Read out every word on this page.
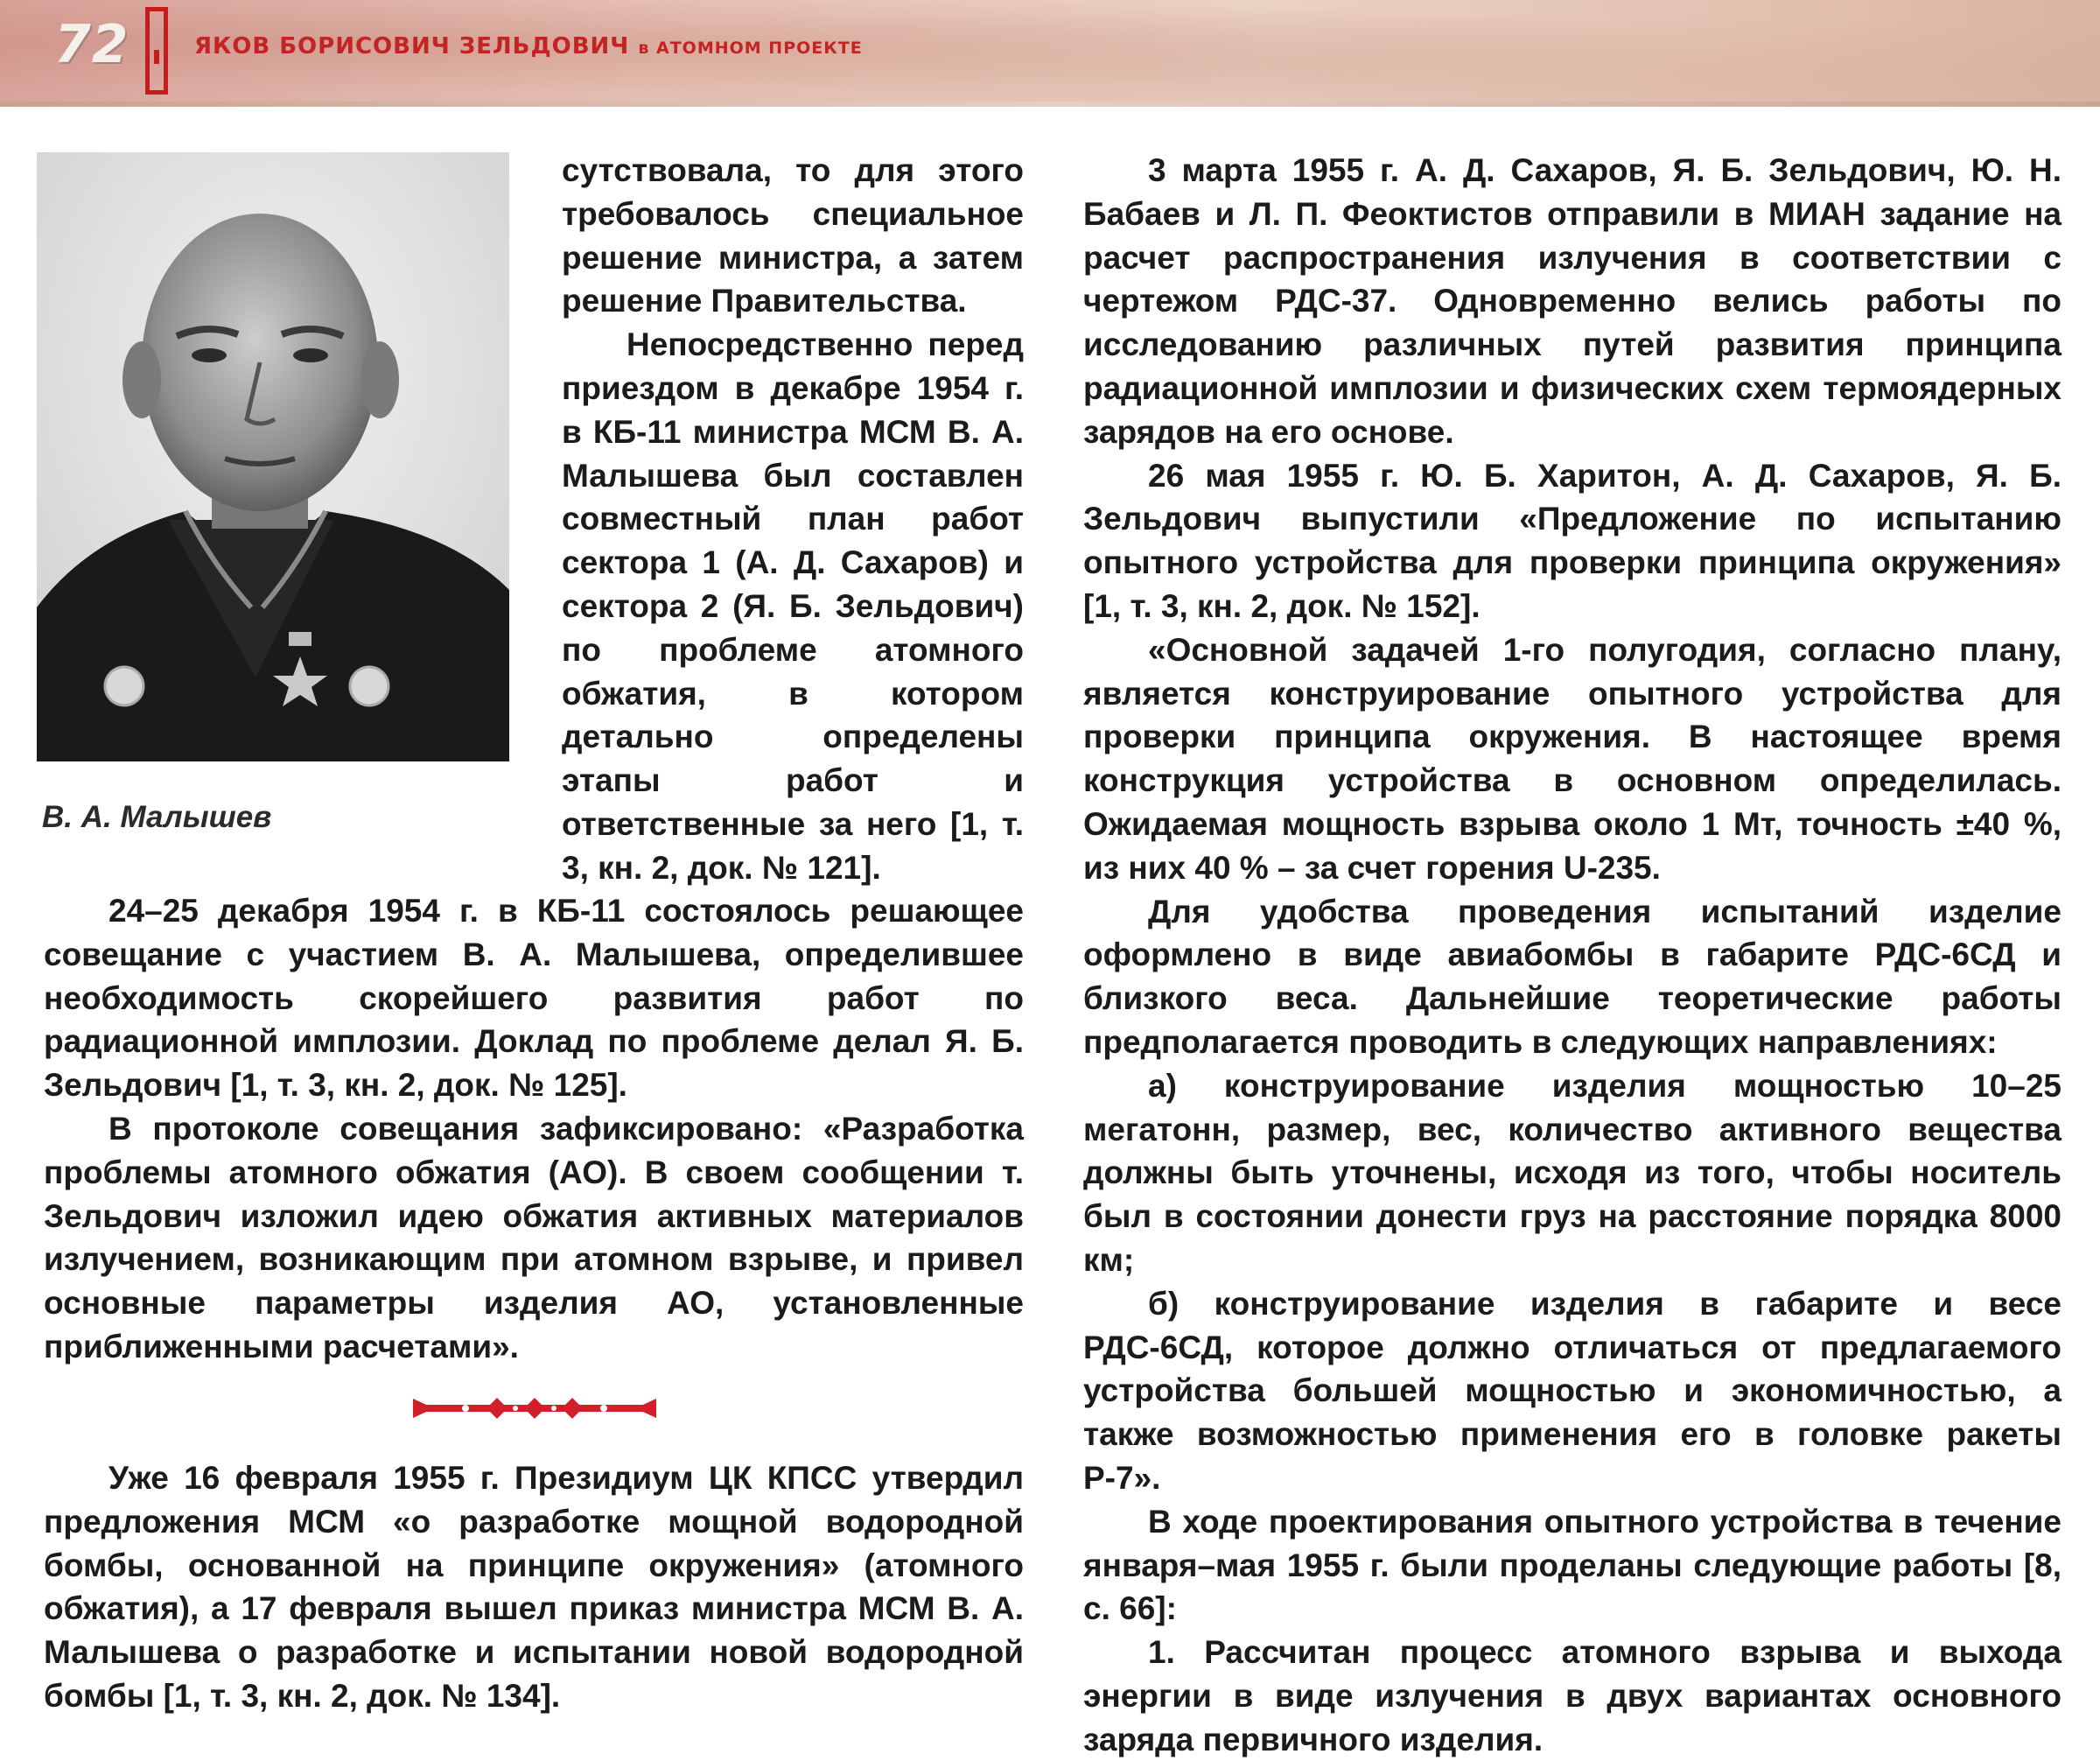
72	ЯКОВ БОРИСОВИЧ ЗЕЛЬДОВИЧ в АТОМНОМ ПРОЕКТЕ
В. А. Малышев

сутствовала, то для этого требовалось специальное решение министра, а затем решение Правительства.

Непосредственно перед приездом в декабре 1954 г. в КБ-11 министра МСМ В. А. Малышева был составлен совместный план работ сектора 1 (А. Д. Сахаров) и сектора 2 (Я. Б. Зельдович) по проблеме атомного обжатия, в котором детально определены этапы работ и ответственные за него [1, т. 3, кн. 2, док. № 121].

24–25 декабря 1954 г. в КБ-11 состоялось решающее совещание с участием В. А. Малышева, определившее необходимость скорейшего развития работ по радиационной имплозии. Доклад по проблеме делал Я. Б. Зельдович [1, т. 3, кн. 2, док. № 125].

В протоколе совещания зафиксировано: «Разработка проблемы атомного обжатия (АО). В своем сообщении т. Зельдович изложил идею обжатия активных материалов излучением, возникающим при атомном взрыве, и привел основные параметры изделия АО, установленные приближенными расчетами».

Уже 16 февраля 1955 г. Президиум ЦК КПСС утвердил предложения МСМ «о разработке мощной водородной бомбы, основанной на принципе окружения» (атомного обжатия), а 17 февраля вышел приказ министра МСМ В. А. Малышева о разработке и испытании новой водородной бомбы [1, т. 3, кн. 2, док. № 134].

3 марта 1955 г. А. Д. Сахаров, Я. Б. Зельдович, Ю. Н. Бабаев и Л. П. Феоктистов отправили в МИАН задание на расчет распространения излучения в соответствии с чертежом РДС-37. Одновременно велись работы по исследованию различных путей развития принципа радиационной имплозии и физических схем термоядерных зарядов на его основе.

26 мая 1955 г. Ю. Б. Харитон, А. Д. Сахаров, Я. Б. Зельдович выпустили «Предложение по испытанию опытного устройства для проверки принципа окружения» [1, т. 3, кн. 2, док. № 152].

«Основной задачей 1-го полугодия, согласно плану, является конструирование опытного устройства для проверки принципа окружения. В настоящее время конструкция устройства в основном определилась. Ожидаемая мощность взрыва около 1 Мт, точность ±40 %, из них 40 % – за счет горения U-235.

Для удобства проведения испытаний изделие оформлено в виде авиабомбы в габарите РДС-6СД и близкого веса. Дальнейшие теоретические работы предполагается проводить в следующих направлениях:

а) конструирование изделия мощностью 10–25 мегатонн, размер, вес, количество активного вещества должны быть уточнены, исходя из того, чтобы носитель был в состоянии донести груз на расстояние порядка 8000 км;

б) конструирование изделия в габарите и весе РДС-6СД, которое должно отличаться от предлагаемого устройства большей мощностью и экономичностью, а также возможностью применения его в головке ракеты Р-7».

В ходе проектирования опытного устройства в течение января–мая 1955 г. были проделаны следующие работы [8, с. 66]:

1. Рассчитан процесс атомного взрыва и выхода энергии в виде излучения в двух вариантах основного заряда первичного изделия.
